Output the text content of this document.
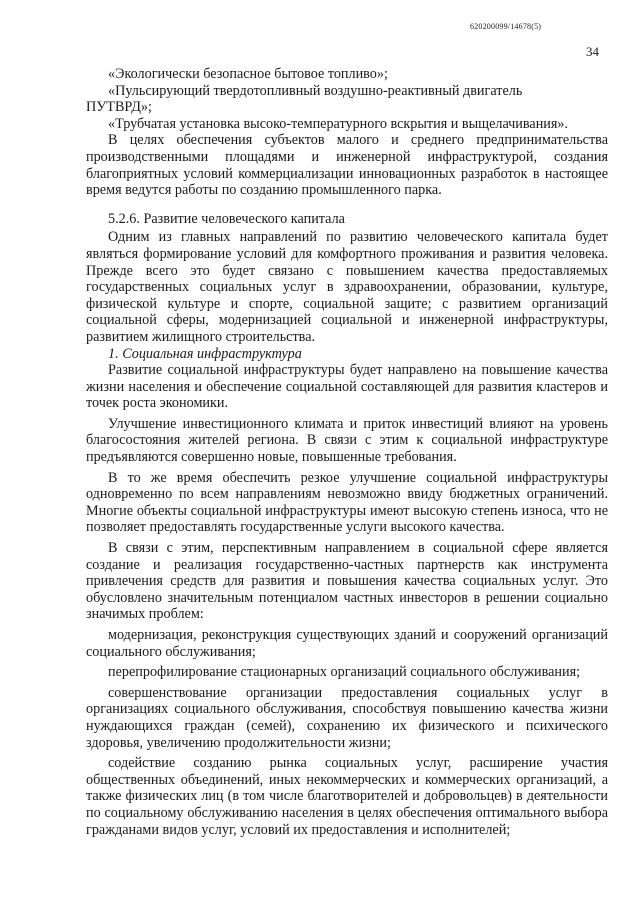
620200099/14678(5)
34
«Экологически безопасное бытовое топливо»;
«Пульсирующий твердотопливный воздушно-реактивный двигатель
ПУТВРД»;
«Трубчатая установка высоко-температурного вскрытия и выщелачивания».
В целях обеспечения субъектов малого и среднего предпринимательства производственными площадями и инженерной инфраструктурой, создания благоприятных условий коммерциализации инновационных разработок в настоящее время ведутся работы по созданию промышленного парка.
5.2.6. Развитие человеческого капитала
Одним из главных направлений по развитию человеческого капитала будет являться формирование условий для комфортного проживания и развития человека. Прежде всего это будет связано с повышением качества предоставляемых государственных социальных услуг в здравоохранении, образовании, культуре, физической культуре и спорте, социальной защите; с развитием организаций социальной сферы, модернизацией социальной и инженерной инфраструктуры, развитием жилищного строительства.
1. Социальная инфраструктура
Развитие социальной инфраструктуры будет направлено на повышение качества жизни населения и обеспечение социальной составляющей для развития кластеров и точек роста экономики.
Улучшение инвестиционного климата и приток инвестиций влияют на уровень благосостояния жителей региона. В связи с этим к социальной инфраструктуре предъявляются совершенно новые, повышенные требования.
В то же время обеспечить резкое улучшение социальной инфраструктуры одновременно по всем направлениям невозможно ввиду бюджетных ограничений. Многие объекты социальной инфраструктуры имеют высокую степень износа, что не позволяет предоставлять государственные услуги высокого качества.
В связи с этим, перспективным направлением в социальной сфере является создание и реализация государственно-частных партнерств как инструмента привлечения средств для развития и повышения качества социальных услуг. Это обусловлено значительным потенциалом частных инвесторов в решении социально значимых проблем:
модернизация, реконструкция существующих зданий и сооружений организаций социального обслуживания;
перепрофилирование стационарных организаций социального обслуживания;
совершенствование организации предоставления социальных услуг в организациях социального обслуживания, способствуя повышению качества жизни нуждающихся граждан (семей), сохранению их физического и психического здоровья, увеличению продолжительности жизни;
содействие созданию рынка социальных услуг, расширение участия общественных объединений, иных некоммерческих и коммерческих организаций, а также физических лиц (в том числе благотворителей и добровольцев) в деятельности по социальному обслуживанию населения в целях обеспечения оптимального выбора гражданами видов услуг, условий их предоставления и исполнителей;
